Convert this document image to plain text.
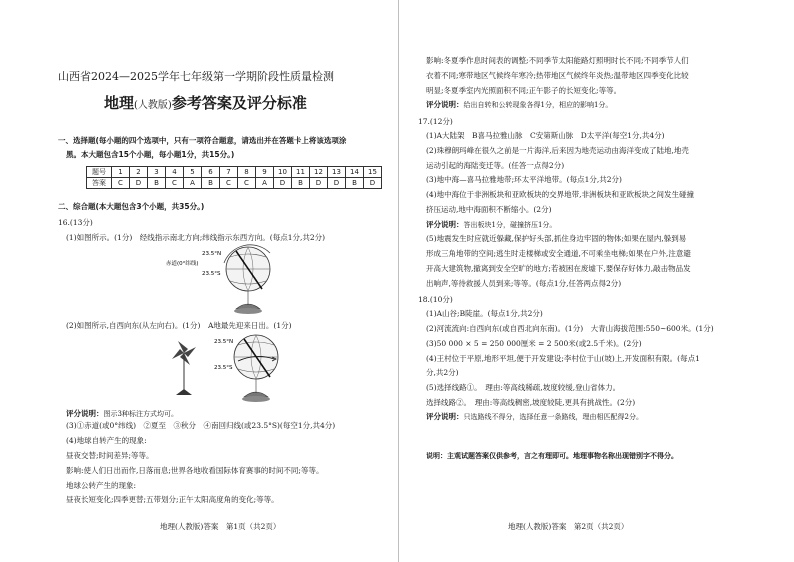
山西省2024—2025学年七年级第一学期阶段性质量检测
地理(人教版)参考答案及评分标准
一、选择题(每小题的四个选项中，只有一项符合题意，请选出并在答题卡上将该选项涂
黑。本大题包含15个小题，每小题1分，共15分。)
题号	1	2	3	4	5	6	7	8	9	10	11	12	13	14	15
答案	C	D	B	C	A	B	C	C	A	D	B	D	D	B	D
二、综合题(本大题包含3个小题，共35分。)
16.(13分)
(1)如图所示。(1分)　经线指示南北方向;纬线指示东西方向。(每点1分,共2分)
23.5°N
赤道(0°纬线)
23.5°S
(2)如图所示,自西向东(从左向右)。(1分)　A地最先迎来日出。(1分)
23.5°N
23.5°S
评分说明：图示3种标注方式均可。
(3)①赤道(或0°纬线)　②夏至　③秋分　④南回归线(或23.5°S)(每空1分,共4分)
(4)地球自转产生的现象:
昼夜交替;时间差异;等等。
影响:使人们日出而作,日落而息;世界各地收看国际体育赛事的时间不同;等等。
地球公转产生的现象:
昼夜长短变化;四季更替;五带划分;正午太阳高度角的变化;等等。
地理(人教版)答案　第1页（共2页）
影响:冬夏季作息时间表的调整;不同季节太阳能路灯照明时长不同;不同季节人们
衣着不同;寒带地区气候终年寒冷;热带地区气候终年炎热;温带地区四季变化比较
明显;冬夏季室内光照面积不同;正午影子的长短变化;等等。
评分说明：给出自转和公转现象各得1分，相应的影响1分。
17.(12分)
(1)A大陆架　B喜马拉雅山脉　C安第斯山脉　D太平洋(每空1分,共4分)
(2)珠穆朗玛峰在很久之前是一片海洋,后来因为地壳运动由海洋变成了陆地,地壳
运动引起的海陆变迁等。(任答一点得2分)
(3)地中海—喜马拉雅地带;环太平洋地带。(每点1分,共2分)
(4)地中海位于非洲板块和亚欧板块的交界地带,非洲板块和亚欧板块之间发生碰撞
挤压运动,地中海面积不断缩小。(2分)
评分说明：答出板块1分，碰撞挤压1分。
(5)地震发生时应就近躲藏,保护好头部,抓住身边牢固的物体;如果在屋内,躲到易
形成三角地带的空间;逃生时走楼梯或安全通道,不可乘坐电梯;如果在户外,注意避
开高大建筑物,撤离到安全空旷的地方;若被困在废墟下,要保存好体力,敲击物品发
出响声,等待救援人员到来;等等。(每点1分,任答两点得2分)
18.(10分)
(1)A山谷;B陡崖。(每点1分,共2分)
(2)河流流向:自西向东(或自西北向东南)。(1分)　大青山海拔范围:550~600米。(1分)
(3)50 000 × 5 = 250 000厘米 = 2 500米(或2.5千米)。(2分)
(4)王村位于平原,地形平坦,便于开发建设;李村位于山(坡)上,开发面积有限。(每点1
分,共2分)
(5)选择线路①。　理由:等高线稀疏,坡度较缓,登山省体力。
选择线路②。　理由:等高线稠密,坡度较陡,更具有挑战性。(2分)
评分说明：只选路线不得分，选择任意一条路线，理由相匹配得2分。
说明：主观试题答案仅供参考，言之有理即可。地理事物名称出现错别字不得分。
地理(人教版)答案　第2页（共2页）
